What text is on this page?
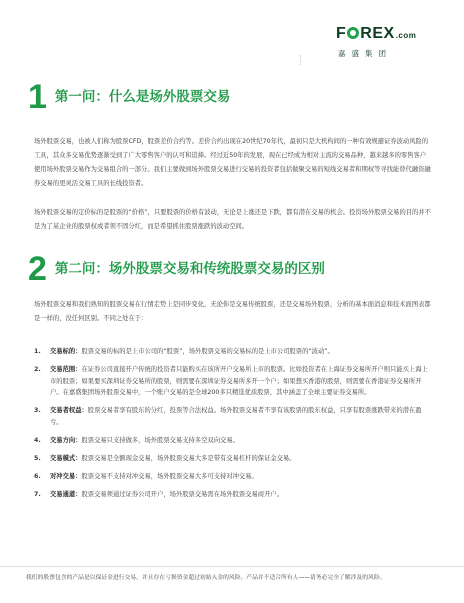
F REX .com
嘉盛集团
1 第一问：什么是场外股票交易

场外股票交易，也被人们称为股票CFD，股票差价合约等。差价合约出现在20世纪70年代，最初只是大机构间的一种有效规避证券波动风险的工具，其众多交易优势逐渐受到了广大零售客户的认可和追捧。经过近50年的发展，现在已经成为相对主流的交易品种，越来越多的零售客户使用场外股票交易作为交易组合的一部分。我们主要做到场外股票交易进行交易的投资者包括做聚交易的短线交易者和期权等寻找能替代融资融券交易的更灵活交易工具的长线投资者。

场外股票交易的定价标的是股票的“价格”，只要股票的价格有波动，无论是上涨还是下跌，都有潜在交易的机会。投资场外股票交易的目的并不是为了某企业的股票权或者领不固分红，而是希望抓住股票涨跌的波动空间。

2 第二问：场外股票交易和传统股票交易的区别

场外股票交易和我们熟知的股票交易在行情走势上是同步变化，无论你是交易传统股票，还是交易场外股票，分析的基本面消息和技术面图表都是一样的，没任何区别。不同之处在于：

1.	交易标的：股票交易的标的是上市公司的“股票”，场外股票交易的交易标的是上市公司股票的“波动”。
2.	交易范围：在证券公司直接开户传统的投资者只能购买在该所开户交易所上市的股票。比如投资者在上海证券交易所开户则只能买上海上市的股票；如果要买深圳证券交易所的股票，则需要在深圳证券交易所多开一个户；如果想买香港的股票，则需要在香港证券交易所开户。在嘉盛集团场外股票交易中，一个账户交易的是全球200多只精选优质股票，其中涵盖了全球主要证券交易所。
3.	交易者权益：股票交易者享有股东的分红，投票等合法权益。场外股票交易者不享有该股票的股东权益，只享有股票涨跌带来的潜在盈亏。
4.	交易方向：股票交易只支持做多，场外股票交易支持多空双向交易。
5.	交易模式：股票交易是全额现金交易，场外股票交易大多是带有交易杠杆的保证金交易。
6.	对冲交易：股票交易不支持对冲交易，场外股票交易大多可支持对冲交易。
7.	交易通道：股票交易须通过证券公司开户，场外股票交易需在场外股票交易商开户。
我们的股票包含的产品是以保证金进行交易，并且存在亏损资金超过初始入金的风险。产品并不适合所有人——请务必完全了解涉及的风险。
